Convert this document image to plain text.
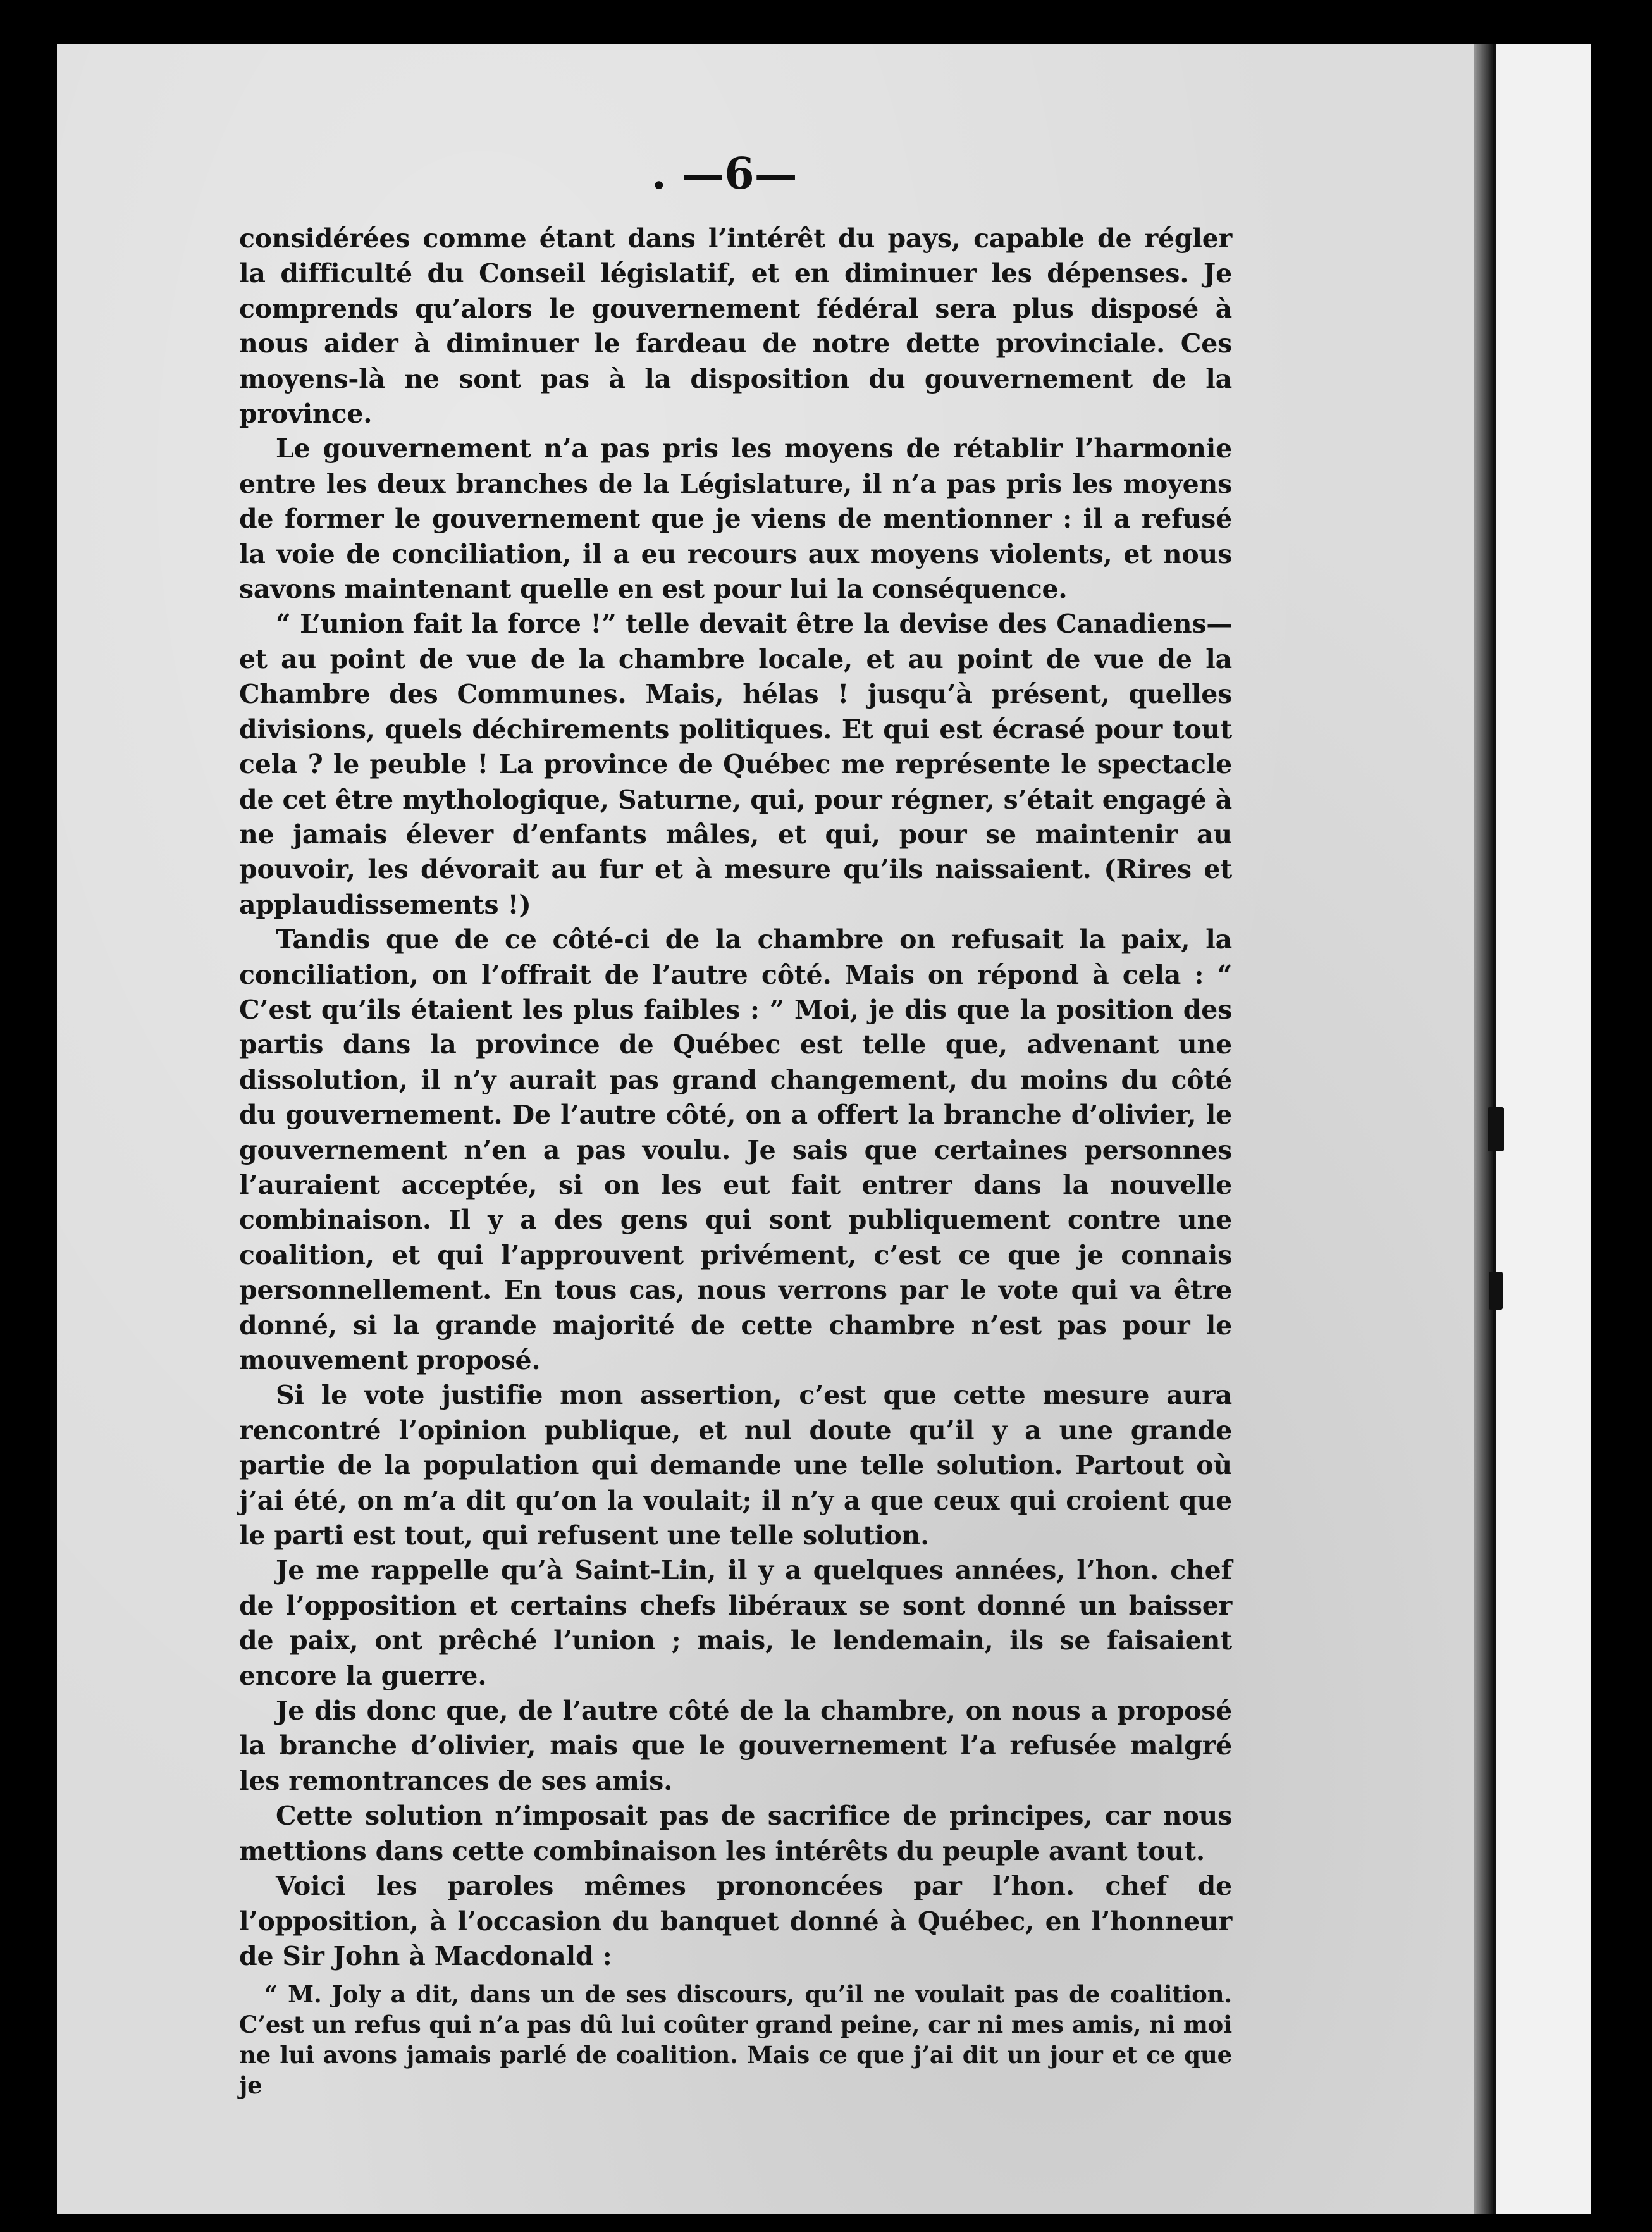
. —6—

considérées comme étant dans l’intérêt du pays, capable de régler la difficulté du Conseil législatif, et en diminuer les dépenses. Je comprends qu’alors le gouvernement fédéral sera plus disposé à nous aider à diminuer le fardeau de notre dette provinciale. Ces moyens-là ne sont pas à la disposition du gouvernement de la province.

Le gouvernement n’a pas pris les moyens de rétablir l’harmonie entre les deux branches de la Législature, il n’a pas pris les moyens de former le gouvernement que je viens de mentionner : il a refusé la voie de conciliation, il a eu recours aux moyens violents, et nous savons maintenant quelle en est pour lui la conséquence.

“ L’union fait la force !” telle devait être la devise des Canadiens—et au point de vue de la chambre locale, et au point de vue de la Chambre des Communes. Mais, hélas ! jusqu’à présent, quelles divisions, quels déchirements politiques. Et qui est écrasé pour tout cela ? le peuble ! La province de Québec me représente le spectacle de cet être mythologique, Saturne, qui, pour régner, s’était engagé à ne jamais élever d’enfants mâles, et qui, pour se maintenir au pouvoir, les dévorait au fur et à mesure qu’ils naissaient. (Rires et applaudissements !)

Tandis que de ce côté-ci de la chambre on refusait la paix, la conciliation, on l’offrait de l’autre côté. Mais on répond à cela : “ C’est qu’ils étaient les plus faibles : ” Moi, je dis que la position des partis dans la province de Québec est telle que, advenant une dissolution, il n’y aurait pas grand changement, du moins du côté du gouvernement. De l’autre côté, on a offert la branche d’olivier, le gouvernement n’en a pas voulu. Je sais que certaines personnes l’auraient acceptée, si on les eut fait entrer dans la nouvelle combinaison. Il y a des gens qui sont publiquement contre une coalition, et qui l’approuvent privément, c’est ce que je connais personnellement. En tous cas, nous verrons par le vote qui va être donné, si la grande majorité de cette chambre n’est pas pour le mouvement proposé.

Si le vote justifie mon assertion, c’est que cette mesure aura rencontré l’opinion publique, et nul doute qu’il y a une grande partie de la population qui demande une telle solution. Partout où j’ai été, on m’a dit qu’on la voulait; il n’y a que ceux qui croient que le parti est tout, qui refusent une telle solution.

Je me rappelle qu’à Saint-Lin, il y a quelques années, l’hon. chef de l’opposition et certains chefs libéraux se sont donné un baisser de paix, ont prêché l’union ; mais, le lendemain, ils se faisaient encore la guerre.

Je dis donc que, de l’autre côté de la chambre, on nous a proposé la branche d’olivier, mais que le gouvernement l’a refusée malgré les remontrances de ses amis.

Cette solution n’imposait pas de sacrifice de principes, car nous mettions dans cette combinaison les intérêts du peuple avant tout.

Voici les paroles mêmes prononcées par l’hon. chef de l’opposition, à l’occasion du banquet donné à Québec, en l’honneur de Sir John à Macdonald :

“ M. Joly a dit, dans un de ses discours, qu’il ne voulait pas de coalition. C’est un refus qui n’a pas dû lui coûter grand peine, car ni mes amis, ni moi ne lui avons jamais parlé de coalition. Mais ce que j’ai dit un jour et ce que je
